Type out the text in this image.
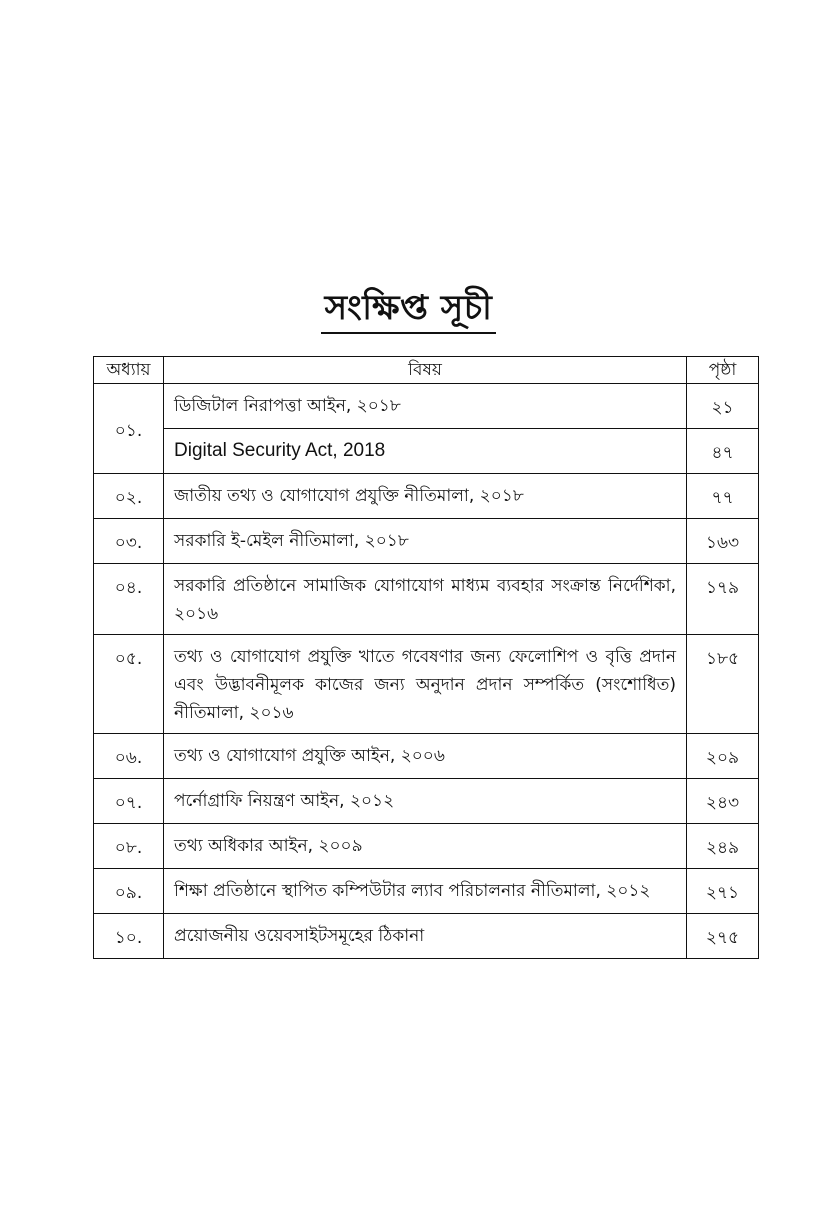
সংক্ষিপ্ত সূচী
অধ্যায়	বিষয়	পৃষ্ঠা
০১.	ডিজিটাল নিরাপত্তা আইন, ২০১৮	২১
	Digital Security Act, 2018	৪৭
০২.	জাতীয় তথ্য ও যোগাযোগ প্রযুক্তি নীতিমালা, ২০১৮	৭৭
০৩.	সরকারি ই-মেইল নীতিমালা, ২০১৮	১৬৩
০৪.	সরকারি প্রতিষ্ঠানে সামাজিক যোগাযোগ মাধ্যম ব্যবহার সংক্রান্ত নির্দেশিকা, ২০১৬	১৭৯
০৫.	তথ্য ও যোগাযোগ প্রযুক্তি খাতে গবেষণার জন্য ফেলোশিপ ও বৃত্তি প্রদান এবং উদ্ভাবনীমূলক কাজের জন্য অনুদান প্রদান সম্পর্কিত (সংশোধিত) নীতিমালা, ২০১৬	১৮৫
০৬.	তথ্য ও যোগাযোগ প্রযুক্তি আইন, ২০০৬	২০৯
০৭.	পর্নোগ্রাফি নিয়ন্ত্রণ আইন, ২০১২	২৪৩
০৮.	তথ্য অধিকার আইন, ২০০৯	২৪৯
০৯.	শিক্ষা প্রতিষ্ঠানে স্থাপিত কম্পিউটার ল্যাব পরিচালনার নীতিমালা, ২০১২	২৭১
১০.	প্রয়োজনীয় ওয়েবসাইটসমূহের ঠিকানা	২৭৫
